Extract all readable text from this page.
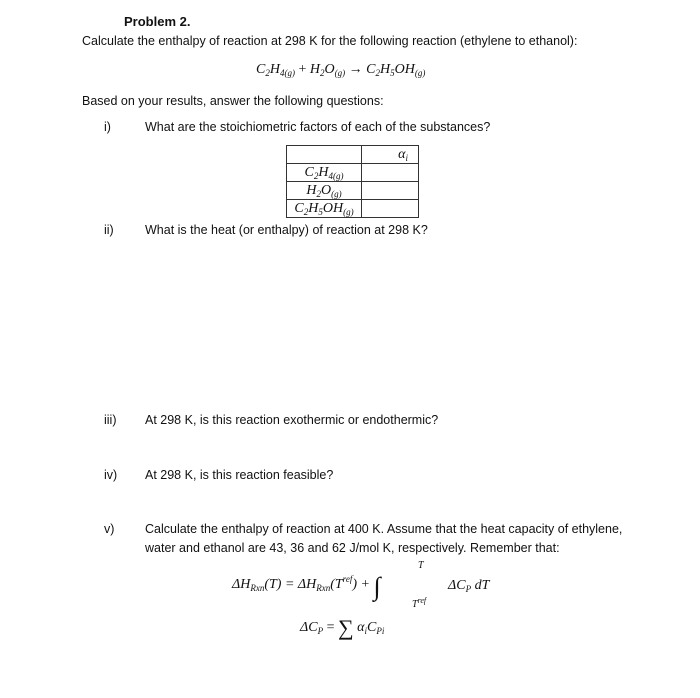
Problem 2.
Calculate the enthalpy of reaction at 298 K for the following reaction (ethylene to ethanol):
$C_2H_{4(g)} + H_2O_{(g)} \to C_2H_5OH_{(g)}$
Based on your results, answer the following questions:
i)	What are the stoichiometric factors of each of the substances?
	$\alpha_i$
$C_2H_{4(g)}$	
$H_2O_{(g)}$	
$C_2H_5OH_{(g)}$	
ii)	What is the heat (or enthalpy) of reaction at 298 K?
iii) At 298 K, is this reaction exothermic or endothermic?
iv) At 298 K, is this reaction feasible?
v) Calculate the enthalpy of reaction at 400 K. Assume that the heat capacity of ethylene,
water and ethanol are 43, 36 and 62 J/mol K, respectively. Remember that:
$\Delta H_{Rxn}(T) = \Delta H_{Rxn}(T^{ref})$ + ∫
T
$T^{ref}$
$\Delta C_P$ dT
$\Delta C_P$ = ∑ $\alpha_iC_{Pi}$
